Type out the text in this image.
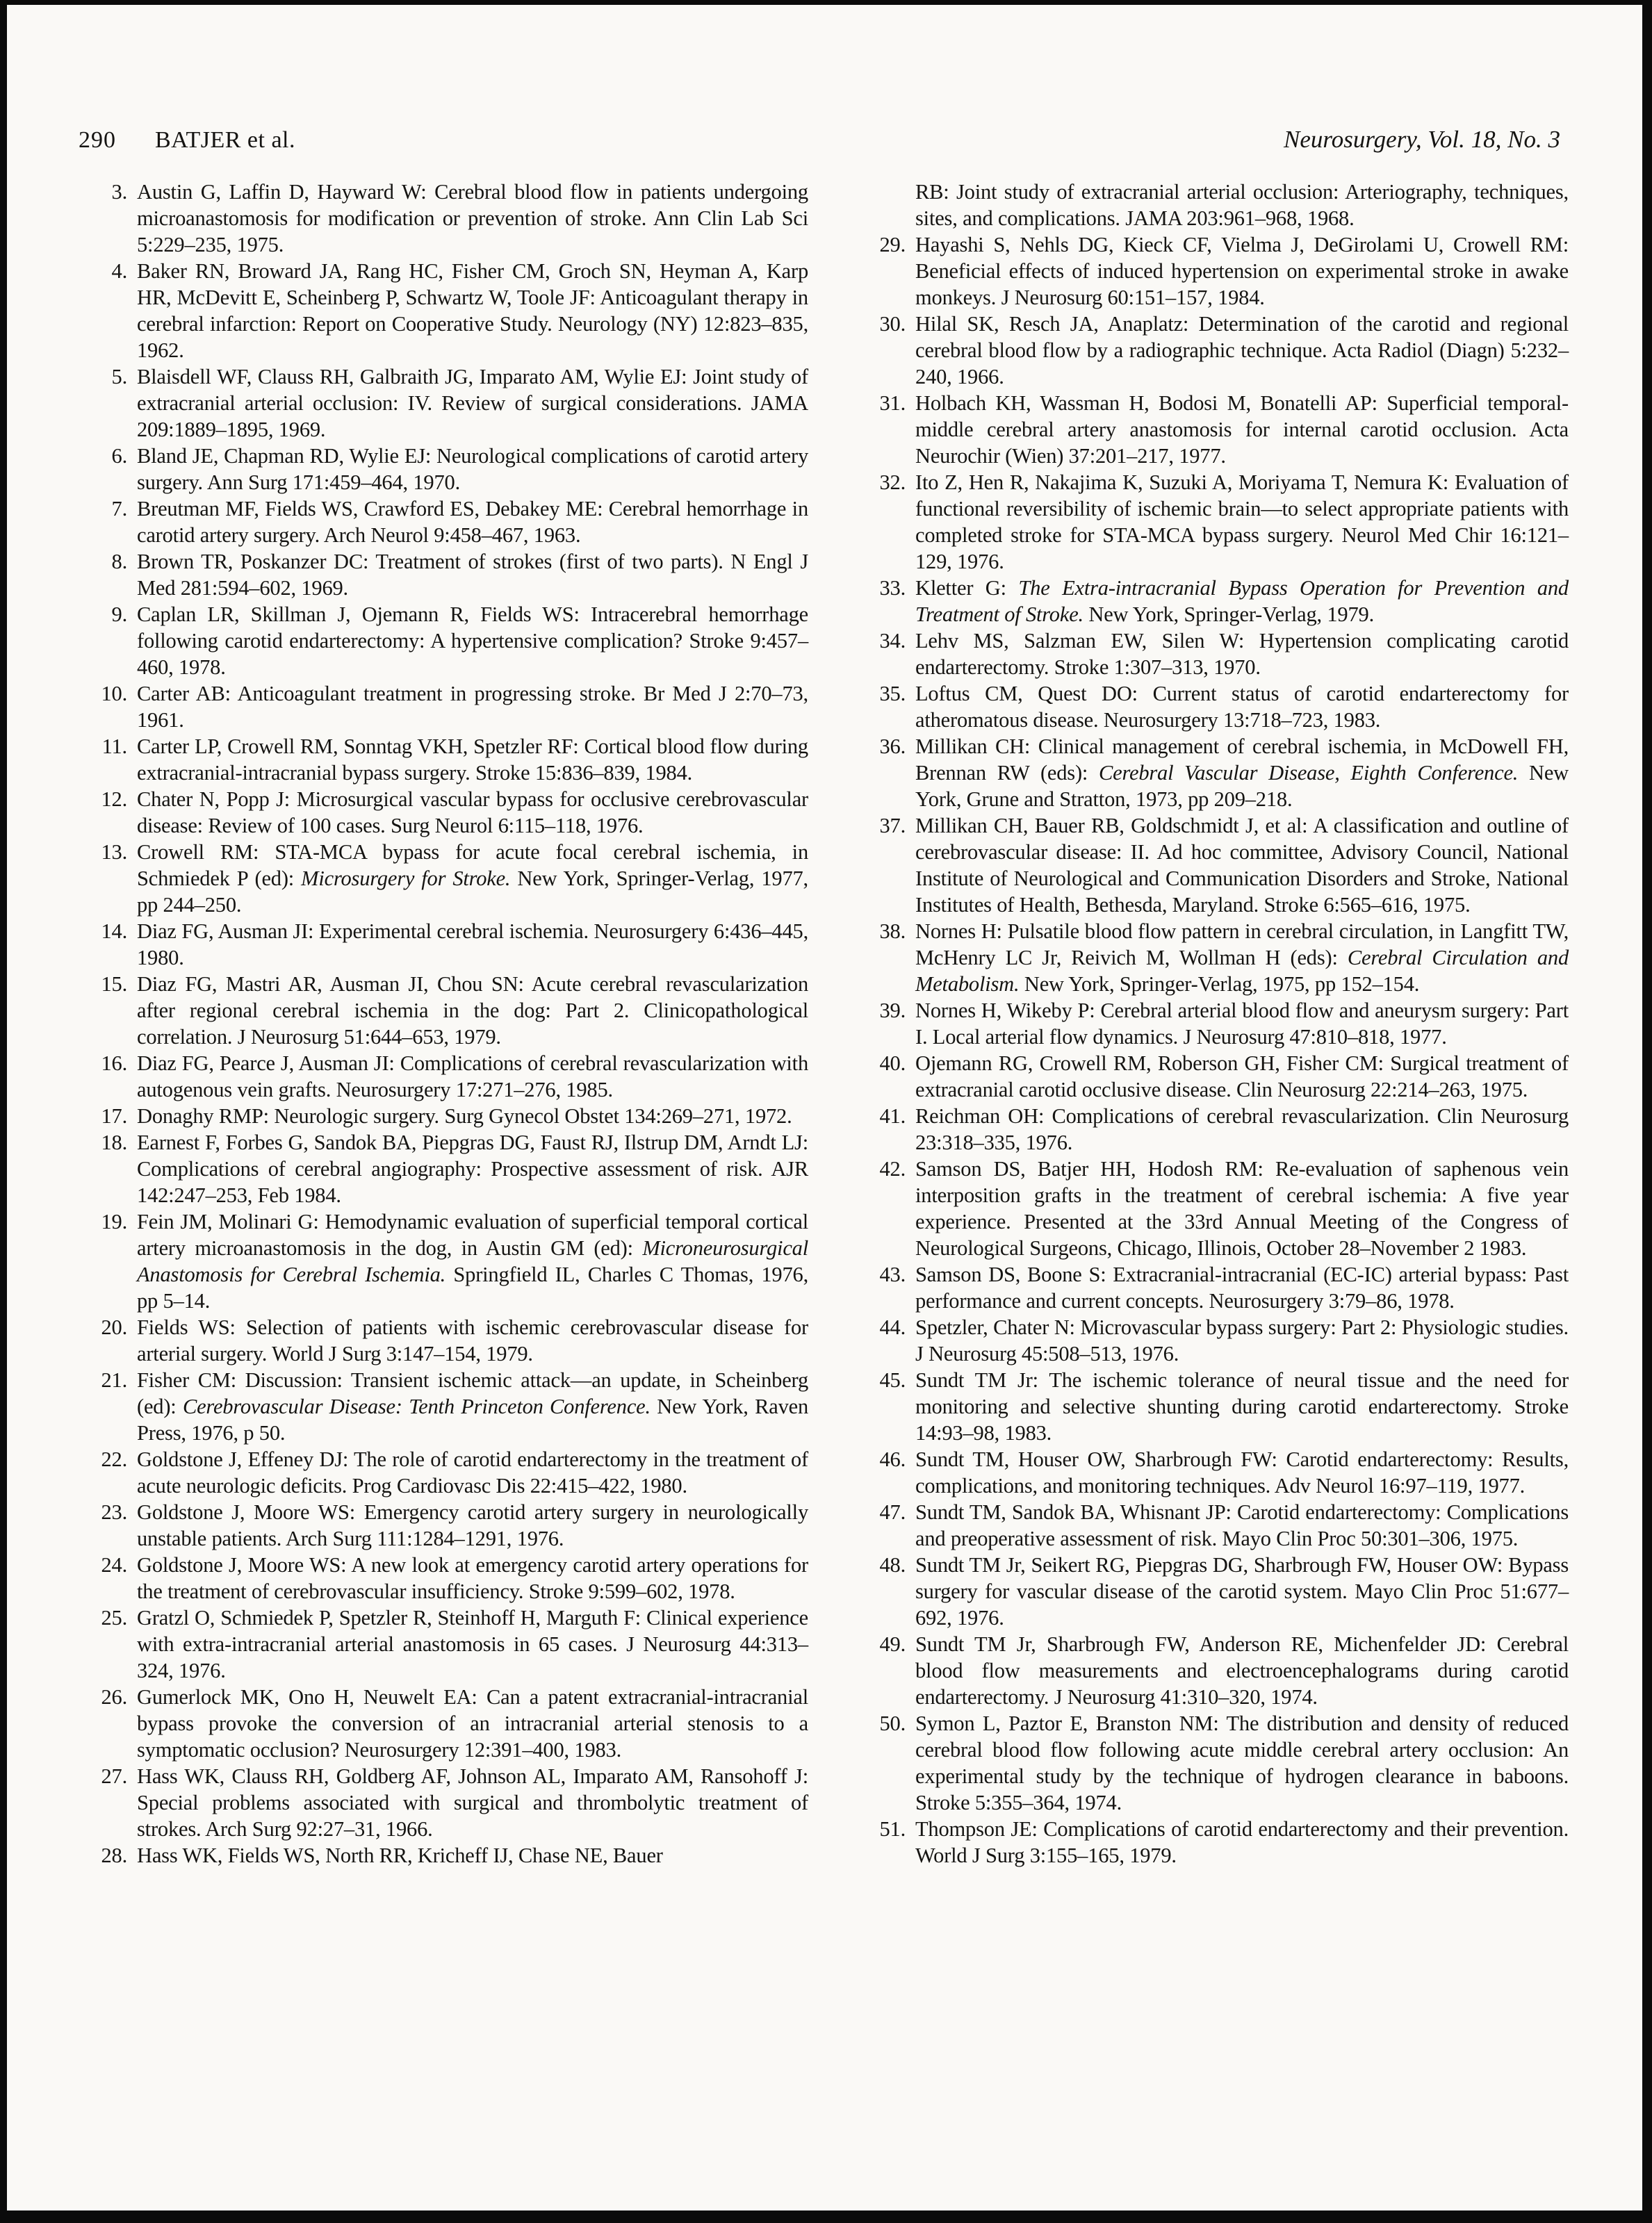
290 BATJER et al.	Neurosurgery, Vol. 18, No. 3
3. Austin G, Laffin D, Hayward W: Cerebral blood flow in patients undergoing microanastomosis for modification or prevention of stroke. Ann Clin Lab Sci 5:229–235, 1975.
4. Baker RN, Broward JA, Rang HC, Fisher CM, Groch SN, Heyman A, Karp HR, McDevitt E, Scheinberg P, Schwartz W, Toole JF: Anticoagulant therapy in cerebral infarction: Report on Cooperative Study. Neurology (NY) 12:823–835, 1962.
5. Blaisdell WF, Clauss RH, Galbraith JG, Imparato AM, Wylie EJ: Joint study of extracranial arterial occlusion: IV. Review of surgical considerations. JAMA 209:1889–1895, 1969.
6. Bland JE, Chapman RD, Wylie EJ: Neurological complications of carotid artery surgery. Ann Surg 171:459–464, 1970.
7. Breutman MF, Fields WS, Crawford ES, Debakey ME: Cerebral hemorrhage in carotid artery surgery. Arch Neurol 9:458–467, 1963.
8. Brown TR, Poskanzer DC: Treatment of strokes (first of two parts). N Engl J Med 281:594–602, 1969.
9. Caplan LR, Skillman J, Ojemann R, Fields WS: Intracerebral hemorrhage following carotid endarterectomy: A hypertensive complication? Stroke 9:457–460, 1978.
10. Carter AB: Anticoagulant treatment in progressing stroke. Br Med J 2:70–73, 1961.
11. Carter LP, Crowell RM, Sonntag VKH, Spetzler RF: Cortical blood flow during extracranial-intracranial bypass surgery. Stroke 15:836–839, 1984.
12. Chater N, Popp J: Microsurgical vascular bypass for occlusive cerebrovascular disease: Review of 100 cases. Surg Neurol 6:115–118, 1976.
13. Crowell RM: STA-MCA bypass for acute focal cerebral ischemia, in Schmiedek P (ed): Microsurgery for Stroke. New York, Springer-Verlag, 1977, pp 244–250.
14. Diaz FG, Ausman JI: Experimental cerebral ischemia. Neurosurgery 6:436–445, 1980.
15. Diaz FG, Mastri AR, Ausman JI, Chou SN: Acute cerebral revascularization after regional cerebral ischemia in the dog: Part 2. Clinicopathological correlation. J Neurosurg 51:644–653, 1979.
16. Diaz FG, Pearce J, Ausman JI: Complications of cerebral revascularization with autogenous vein grafts. Neurosurgery 17:271–276, 1985.
17. Donaghy RMP: Neurologic surgery. Surg Gynecol Obstet 134:269–271, 1972.
18. Earnest F, Forbes G, Sandok BA, Piepgras DG, Faust RJ, Ilstrup DM, Arndt LJ: Complications of cerebral angiography: Prospective assessment of risk. AJR 142:247–253, Feb 1984.
19. Fein JM, Molinari G: Hemodynamic evaluation of superficial temporal cortical artery microanastomosis in the dog, in Austin GM (ed): Microneurosurgical Anastomosis for Cerebral Ischemia. Springfield IL, Charles C Thomas, 1976, pp 5–14.
20. Fields WS: Selection of patients with ischemic cerebrovascular disease for arterial surgery. World J Surg 3:147–154, 1979.
21. Fisher CM: Discussion: Transient ischemic attack—an update, in Scheinberg (ed): Cerebrovascular Disease: Tenth Princeton Conference. New York, Raven Press, 1976, p 50.
22. Goldstone J, Effeney DJ: The role of carotid endarterectomy in the treatment of acute neurologic deficits. Prog Cardiovasc Dis 22:415–422, 1980.
23. Goldstone J, Moore WS: Emergency carotid artery surgery in neurologically unstable patients. Arch Surg 111:1284–1291, 1976.
24. Goldstone J, Moore WS: A new look at emergency carotid artery operations for the treatment of cerebrovascular insufficiency. Stroke 9:599–602, 1978.
25. Gratzl O, Schmiedek P, Spetzler R, Steinhoff H, Marguth F: Clinical experience with extra-intracranial arterial anastomosis in 65 cases. J Neurosurg 44:313–324, 1976.
26. Gumerlock MK, Ono H, Neuwelt EA: Can a patent extracranial-intracranial bypass provoke the conversion of an intracranial arterial stenosis to a symptomatic occlusion? Neurosurgery 12:391–400, 1983.
27. Hass WK, Clauss RH, Goldberg AF, Johnson AL, Imparato AM, Ransohoff J: Special problems associated with surgical and thrombolytic treatment of strokes. Arch Surg 92:27–31, 1966.
28. Hass WK, Fields WS, North RR, Kricheff IJ, Chase NE, Bauer
RB: Joint study of extracranial arterial occlusion: Arteriography, techniques, sites, and complications. JAMA 203:961–968, 1968.
29. Hayashi S, Nehls DG, Kieck CF, Vielma J, DeGirolami U, Crowell RM: Beneficial effects of induced hypertension on experimental stroke in awake monkeys. J Neurosurg 60:151–157, 1984.
30. Hilal SK, Resch JA, Anaplatz: Determination of the carotid and regional cerebral blood flow by a radiographic technique. Acta Radiol (Diagn) 5:232–240, 1966.
31. Holbach KH, Wassman H, Bodosi M, Bonatelli AP: Superficial temporal-middle cerebral artery anastomosis for internal carotid occlusion. Acta Neurochir (Wien) 37:201–217, 1977.
32. Ito Z, Hen R, Nakajima K, Suzuki A, Moriyama T, Nemura K: Evaluation of functional reversibility of ischemic brain—to select appropriate patients with completed stroke for STA-MCA bypass surgery. Neurol Med Chir 16:121–129, 1976.
33. Kletter G: The Extra-intracranial Bypass Operation for Prevention and Treatment of Stroke. New York, Springer-Verlag, 1979.
34. Lehv MS, Salzman EW, Silen W: Hypertension complicating carotid endarterectomy. Stroke 1:307–313, 1970.
35. Loftus CM, Quest DO: Current status of carotid endarterectomy for atheromatous disease. Neurosurgery 13:718–723, 1983.
36. Millikan CH: Clinical management of cerebral ischemia, in McDowell FH, Brennan RW (eds): Cerebral Vascular Disease, Eighth Conference. New York, Grune and Stratton, 1973, pp 209–218.
37. Millikan CH, Bauer RB, Goldschmidt J, et al: A classification and outline of cerebrovascular disease: II. Ad hoc committee, Advisory Council, National Institute of Neurological and Communication Disorders and Stroke, National Institutes of Health, Bethesda, Maryland. Stroke 6:565–616, 1975.
38. Nornes H: Pulsatile blood flow pattern in cerebral circulation, in Langfitt TW, McHenry LC Jr, Reivich M, Wollman H (eds): Cerebral Circulation and Metabolism. New York, Springer-Verlag, 1975, pp 152–154.
39. Nornes H, Wikeby P: Cerebral arterial blood flow and aneurysm surgery: Part I. Local arterial flow dynamics. J Neurosurg 47:810–818, 1977.
40. Ojemann RG, Crowell RM, Roberson GH, Fisher CM: Surgical treatment of extracranial carotid occlusive disease. Clin Neurosurg 22:214–263, 1975.
41. Reichman OH: Complications of cerebral revascularization. Clin Neurosurg 23:318–335, 1976.
42. Samson DS, Batjer HH, Hodosh RM: Re-evaluation of saphenous vein interposition grafts in the treatment of cerebral ischemia: A five year experience. Presented at the 33rd Annual Meeting of the Congress of Neurological Surgeons, Chicago, Illinois, October 28–November 2 1983.
43. Samson DS, Boone S: Extracranial-intracranial (EC-IC) arterial bypass: Past performance and current concepts. Neurosurgery 3:79–86, 1978.
44. Spetzler, Chater N: Microvascular bypass surgery: Part 2: Physiologic studies. J Neurosurg 45:508–513, 1976.
45. Sundt TM Jr: The ischemic tolerance of neural tissue and the need for monitoring and selective shunting during carotid endarterectomy. Stroke 14:93–98, 1983.
46. Sundt TM, Houser OW, Sharbrough FW: Carotid endarterectomy: Results, complications, and monitoring techniques. Adv Neurol 16:97–119, 1977.
47. Sundt TM, Sandok BA, Whisnant JP: Carotid endarterectomy: Complications and preoperative assessment of risk. Mayo Clin Proc 50:301–306, 1975.
48. Sundt TM Jr, Seikert RG, Piepgras DG, Sharbrough FW, Houser OW: Bypass surgery for vascular disease of the carotid system. Mayo Clin Proc 51:677–692, 1976.
49. Sundt TM Jr, Sharbrough FW, Anderson RE, Michenfelder JD: Cerebral blood flow measurements and electroencephalograms during carotid endarterectomy. J Neurosurg 41:310–320, 1974.
50. Symon L, Paztor E, Branston NM: The distribution and density of reduced cerebral blood flow following acute middle cerebral artery occlusion: An experimental study by the technique of hydrogen clearance in baboons. Stroke 5:355–364, 1974.
51. Thompson JE: Complications of carotid endarterectomy and their prevention. World J Surg 3:155–165, 1979.
